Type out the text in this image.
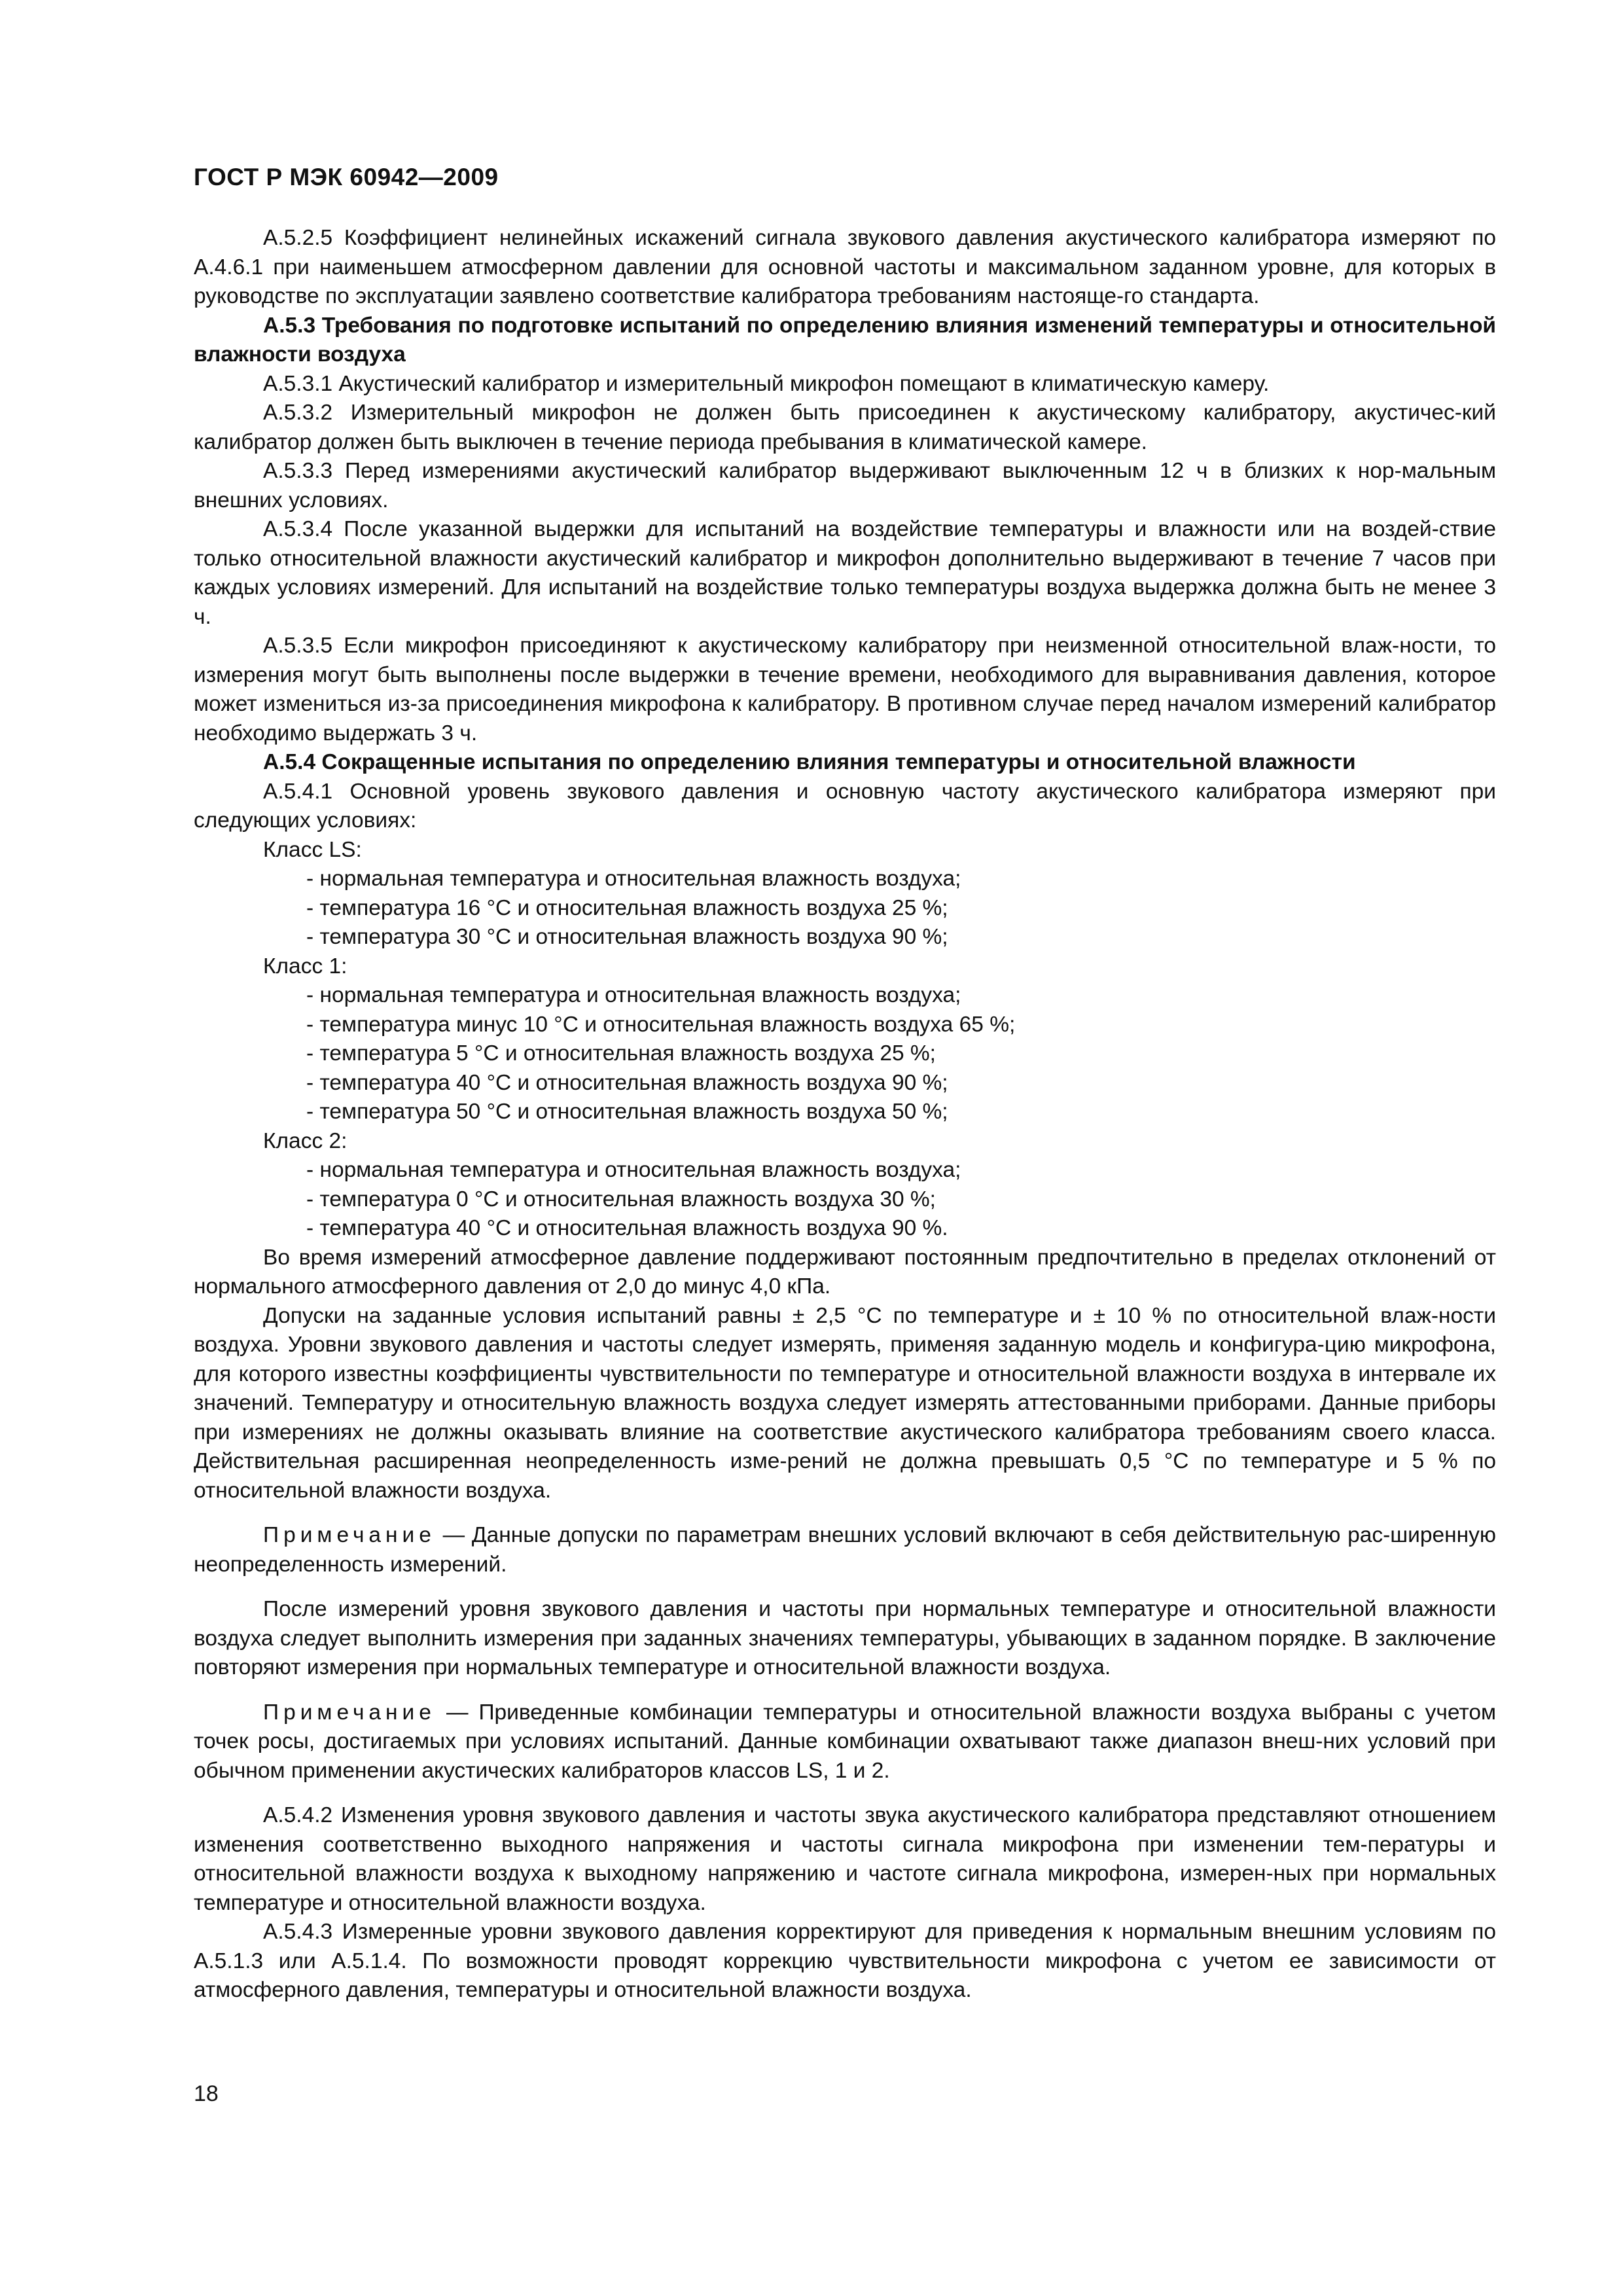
ГОСТ Р МЭК 60942—2009

А.5.2.5 Коэффициент нелинейных искажений сигнала звукового давления акустического калибратора измеряют по А.4.6.1 при наименьшем атмосферном давлении для основной частоты и максимальном заданном уровне, для которых в руководстве по эксплуатации заявлено соответствие калибратора требованиям настояще-го стандарта.

А.5.3 Требования по подготовке испытаний по определению влияния изменений температуры и относительной влажности воздуха

А.5.3.1 Акустический калибратор и измерительный микрофон помещают в климатическую камеру.

А.5.3.2 Измерительный микрофон не должен быть присоединен к акустическому калибратору, акустичес-кий калибратор должен быть выключен в течение периода пребывания в климатической камере.

А.5.3.3 Перед измерениями акустический калибратор выдерживают выключенным 12 ч в близких к нор-мальным внешних условиях.

А.5.3.4 После указанной выдержки для испытаний на воздействие температуры и влажности или на воздей-ствие только относительной влажности акустический калибратор и микрофон дополнительно выдерживают в течение 7 часов при каждых условиях измерений. Для испытаний на воздействие только температуры воздуха выдержка должна быть не менее 3 ч.

А.5.3.5 Если микрофон присоединяют к акустическому калибратору при неизменной относительной влаж-ности, то измерения могут быть выполнены после выдержки в течение времени, необходимого для выравнивания давления, которое может измениться из-за присоединения микрофона к калибратору. В противном случае перед началом измерений калибратор необходимо выдержать 3 ч.

А.5.4 Сокращенные испытания по определению влияния температуры и относительной влажности

А.5.4.1 Основной уровень звукового давления и основную частоту акустического калибратора измеряют при следующих условиях:

Класс LS:

- нормальная температура и относительная влажность воздуха;

- температура 16 °C и относительная влажность воздуха 25 %;

- температура 30 °C и относительная влажность воздуха 90 %;

Класс 1:

- нормальная температура и относительная влажность воздуха;

- температура минус 10 °C и относительная влажность воздуха 65 %;

- температура 5 °C и относительная влажность воздуха 25 %;

- температура 40 °C и относительная влажность воздуха 90 %;

- температура 50 °C и относительная влажность воздуха 50 %;

Класс 2:

- нормальная температура и относительная влажность воздуха;

- температура 0 °C и относительная влажность воздуха 30 %;

- температура 40 °C и относительная влажность воздуха 90 %.

Во время измерений атмосферное давление поддерживают постоянным предпочтительно в пределах отклонений от нормального атмосферного давления от 2,0 до минус 4,0 кПа.

Допуски на заданные условия испытаний равны ± 2,5 °C по температуре и ± 10 % по относительной влаж-ности воздуха. Уровни звукового давления и частоты следует измерять, применяя заданную модель и конфигура-цию микрофона, для которого известны коэффициенты чувствительности по температуре и относительной влажности воздуха в интервале их значений. Температуру и относительную влажность воздуха следует измерять аттестованными приборами. Данные приборы при измерениях не должны оказывать влияние на соответствие акустического калибратора требованиям своего класса. Действительная расширенная неопределенность изме-рений не должна превышать 0,5 °C по температуре и 5 % по относительной влажности воздуха.

Примечание — Данные допуски по параметрам внешних условий включают в себя действительную рас-ширенную неопределенность измерений.

После измерений уровня звукового давления и частоты при нормальных температуре и относительной влажности воздуха следует выполнить измерения при заданных значениях температуры, убывающих в заданном порядке. В заключение повторяют измерения при нормальных температуре и относительной влажности воздуха.

Примечание — Приведенные комбинации температуры и относительной влажности воздуха выбраны с учетом точек росы, достигаемых при условиях испытаний. Данные комбинации охватывают также диапазон внеш-них условий при обычном применении акустических калибраторов классов LS, 1 и 2.

А.5.4.2 Изменения уровня звукового давления и частоты звука акустического калибратора представляют отношением изменения соответственно выходного напряжения и частоты сигнала микрофона при изменении тем-пературы и относительной влажности воздуха к выходному напряжению и частоте сигнала микрофона, измерен-ных при нормальных температуре и относительной влажности воздуха.

А.5.4.3 Измеренные уровни звукового давления корректируют для приведения к нормальным внешним условиям по А.5.1.3 или А.5.1.4. По возможности проводят коррекцию чувствительности микрофона с учетом ее зависимости от атмосферного давления, температуры и относительной влажности воздуха.

18
